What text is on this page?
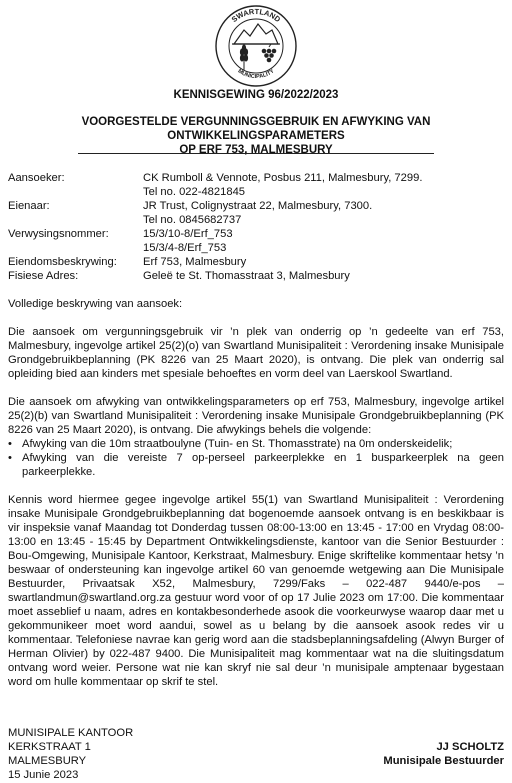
SWARTLAND
MUNICIPALITY
KENNISGEWING 96/2022/2023
VOORGESTELDE VERGUNNINGSGEBRUIK EN AFWYKING VAN ONTWIKKELINGSPARAMETERS
OP ERF 753, MALMESBURY
Aansoeker:	CK Rumboll & Vennote, Posbus 211, Malmesbury, 7299.
Tel no. 022-4821845
Eienaar:	JR Trust, Colignystraat 22, Malmesbury, 7300.
Tel no. 0845682737
Verwysingsnommer:	15/3/10-8/Erf_753
15/3/4-8/Erf_753
Eiendomsbeskrywing:	Erf 753, Malmesbury
Fisiese Adres:	Geleë te St. Thomasstraat 3, Malmesbury

Volledige beskrywing van aansoek:

Die aansoek om vergunningsgebruik vir ’n plek van onderrig op ’n gedeelte van erf 753, Malmesbury, ingevolge artikel 25(2)(o) van Swartland Munisipaliteit : Verordening insake Munisipale Grondgebruikbeplanning (PK 8226 van 25 Maart 2020), is ontvang. Die plek van onderrig sal opleiding bied aan kinders met spesiale behoeftes en vorm deel van Laerskool Swartland.

Die aansoek om afwyking van ontwikkelingsparameters op erf 753, Malmesbury, ingevolge artikel 25(2)(b) van Swartland Munisipaliteit : Verordening insake Munisipale Grondgebruikbeplanning (PK 8226 van 25 Maart 2020), is ontvang. Die afwykings behels die volgende:

• Afwyking van die 10m straatboulyne (Tuin- en St. Thomasstrate) na 0m onderskeidelik;
• Afwyking van die vereiste 7 op-perseel parkeerplekke en 1 busparkeerplek na geen parkeerplekke.

Kennis word hiermee gegee ingevolge artikel 55(1) van Swartland Munisipaliteit : Verordening insake Munisipale Grondgebruikbeplanning dat bogenoemde aansoek ontvang is en beskikbaar is vir inspeksie vanaf Maandag tot Donderdag tussen 08:00-13:00 en 13:45 - 17:00 en Vrydag 08:00-13:00 en 13:45 - 15:45 by Department Ontwikkelingsdienste, kantoor van die Senior Bestuurder : Bou-Omgewing, Munisipale Kantoor, Kerkstraat, Malmesbury. Enige skriftelike kommentaar hetsy ’n beswaar of ondersteuning kan ingevolge artikel 60 van genoemde wetgewing aan Die Munisipale Bestuurder, Privaatsak X52, Malmesbury, 7299/Faks – 022-487 9440/e-pos – swartlandmun@swartland.org.za gestuur word voor of op 17 Julie 2023 om 17:00. Die kommentaar moet asseblief u naam, adres en kontakbesonderhede asook die voorkeurwyse waarop daar met u gekommunikeer moet word aandui, sowel as u belang by die aansoek asook redes vir u kommentaar. Telefoniese navrae kan gerig word aan die stadsbeplanningsafdeling (Alwyn Burger of Herman Olivier) by 022-487 9400. Die Munisipaliteit mag kommentaar wat na die sluitingsdatum ontvang word weier. Persone wat nie kan skryf nie sal deur ’n munisipale amptenaar bygestaan word om hulle kommentaar op skrif te stel.

MUNISIPALE KANTOOR
KERKSTRAAT 1
MALMESBURY
15 Junie 2023
JJ SCHOLTZ
Munisipale Bestuurder
